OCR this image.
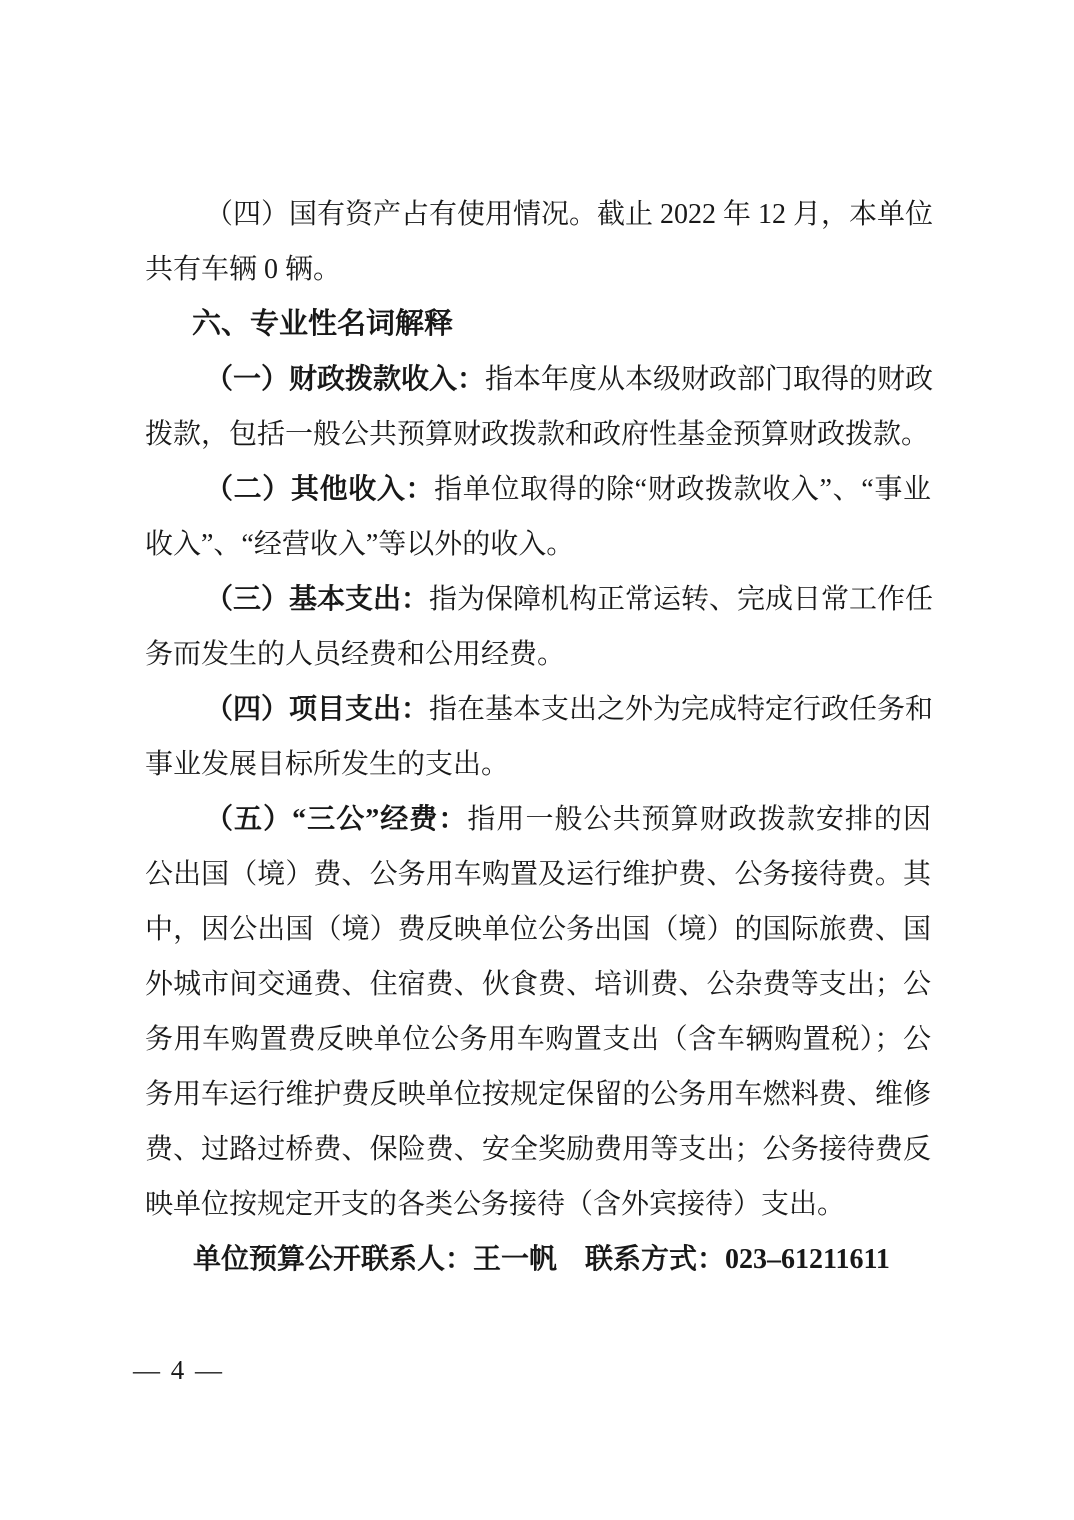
（四）国有资产占有使用情况。截止 2022 年 12 月，本单位
共有车辆 0 辆。
六、专业性名词解释
（一）财政拨款收入：指本年度从本级财政部门取得的财政
拨款，包括一般公共预算财政拨款和政府性基金预算财政拨款。
（二）其他收入：指单位取得的除“财政拨款收入”、“事业
收入”、“经营收入”等以外的收入。
（三）基本支出：指为保障机构正常运转、完成日常工作任
务而发生的人员经费和公用经费。
（四）项目支出：指在基本支出之外为完成特定行政任务和
事业发展目标所发生的支出。
（五）“三公”经费：指用一般公共预算财政拨款安排的因
公出国（境）费、公务用车购置及运行维护费、公务接待费。其
中，因公出国（境）费反映单位公务出国（境）的国际旅费、国
外城市间交通费、住宿费、伙食费、培训费、公杂费等支出；公
务用车购置费反映单位公务用车购置支出（含车辆购置税）；公
务用车运行维护费反映单位按规定保留的公务用车燃料费、维修
费、过路过桥费、保险费、安全奖励费用等支出；公务接待费反
映单位按规定开支的各类公务接待（含外宾接待）支出。
单位预算公开联系人：王一帆　联系方式：023–61211611
— 4 —
